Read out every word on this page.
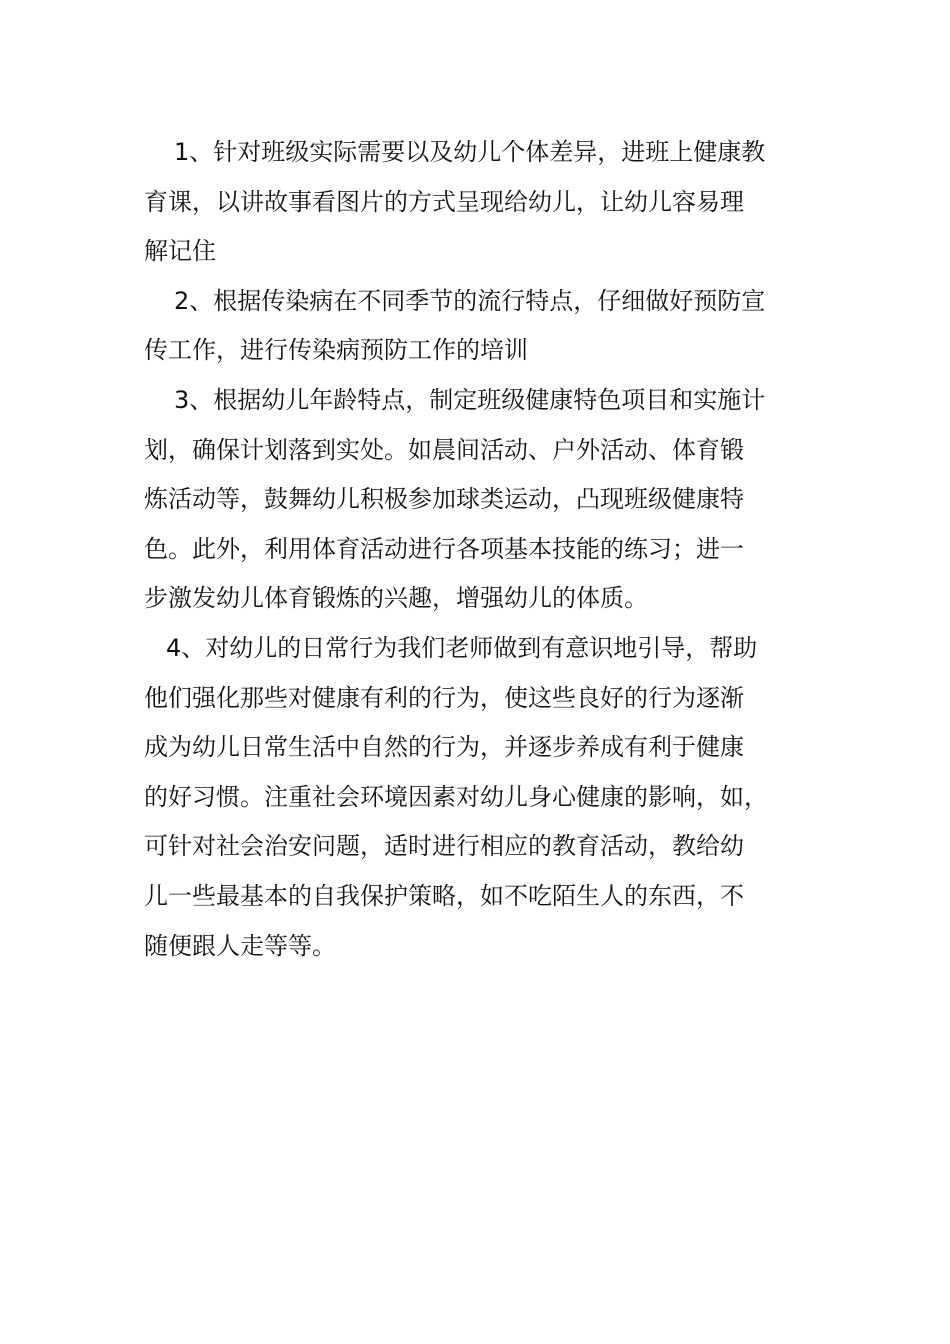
1、针对班级实际需要以及幼儿个体差异，进班上健康教
育课，以讲故事看图片的方式呈现给幼儿，让幼儿容易理
解记住

2、根据传染病在不同季节的流行特点，仔细做好预防宣
传工作，进行传染病预防工作的培训

3、根据幼儿年龄特点，制定班级健康特色项目和实施计
划，确保计划落到实处。如晨间活动、户外活动、体育锻
炼活动等，鼓舞幼儿积极参加球类运动，凸现班级健康特
色。此外，利用体育活动进行各项基本技能的练习；进一
步激发幼儿体育锻炼的兴趣，增强幼儿的体质。

4、对幼儿的日常行为我们老师做到有意识地引导，帮助
他们强化那些对健康有利的行为，使这些良好的行为逐渐
成为幼儿日常生活中自然的行为，并逐步养成有利于健康
的好习惯。注重社会环境因素对幼儿身心健康的影响，如，
可针对社会治安问题，适时进行相应的教育活动，教给幼
儿一些最基本的自我保护策略，如不吃陌生人的东西，不
随便跟人走等等。
